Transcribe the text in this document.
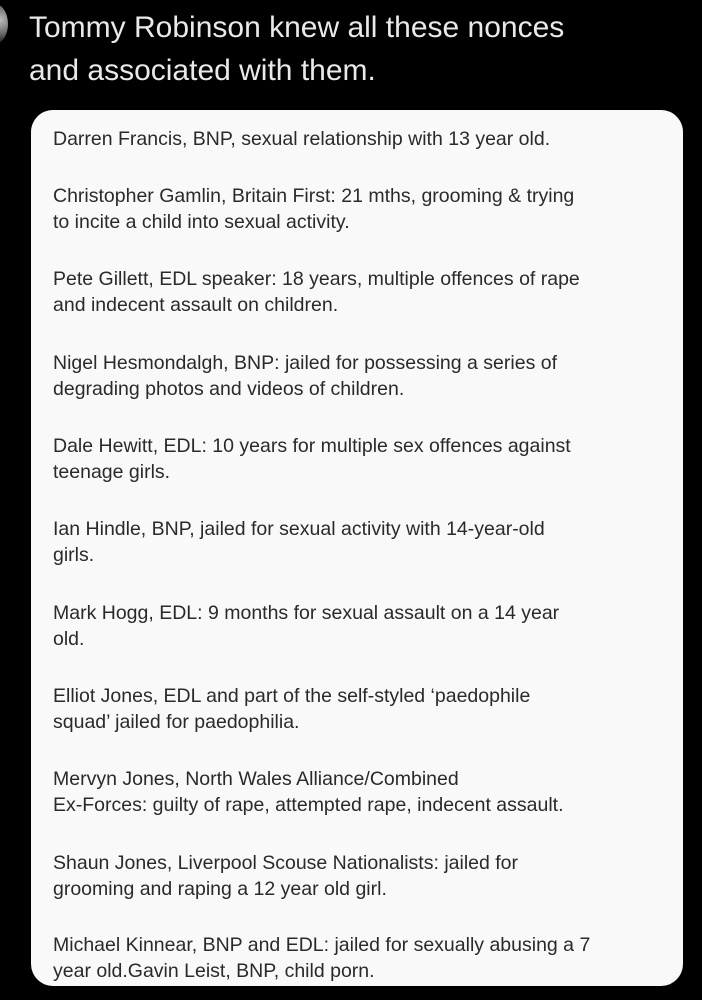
Tommy Robinson knew all these nonces
and associated with them.

Darren Francis, BNP, sexual relationship with 13 year old.
Christopher Gamlin, Britain First: 21 mths, grooming & trying
to incite a child into sexual activity.
Pete Gillett, EDL speaker: 18 years, multiple offences of rape
and indecent assault on children.
Nigel Hesmondalgh, BNP: jailed for possessing a series of
degrading photos and videos of children.
Dale Hewitt, EDL: 10 years for multiple sex offences against
teenage girls.
Ian Hindle, BNP, jailed for sexual activity with 14-year-old
girls.
Mark Hogg, EDL: 9 months for sexual assault on a 14 year
old.
Elliot Jones, EDL and part of the self-styled ‘paedophile
squad’ jailed for paedophilia.
Mervyn Jones, North Wales Alliance/Combined
Ex-Forces: guilty of rape, attempted rape, indecent assault.
Shaun Jones, Liverpool Scouse Nationalists: jailed for
grooming and raping a 12 year old girl.
Michael Kinnear, BNP and EDL: jailed for sexually abusing a 7
year old.Gavin Leist, BNP, child porn.
